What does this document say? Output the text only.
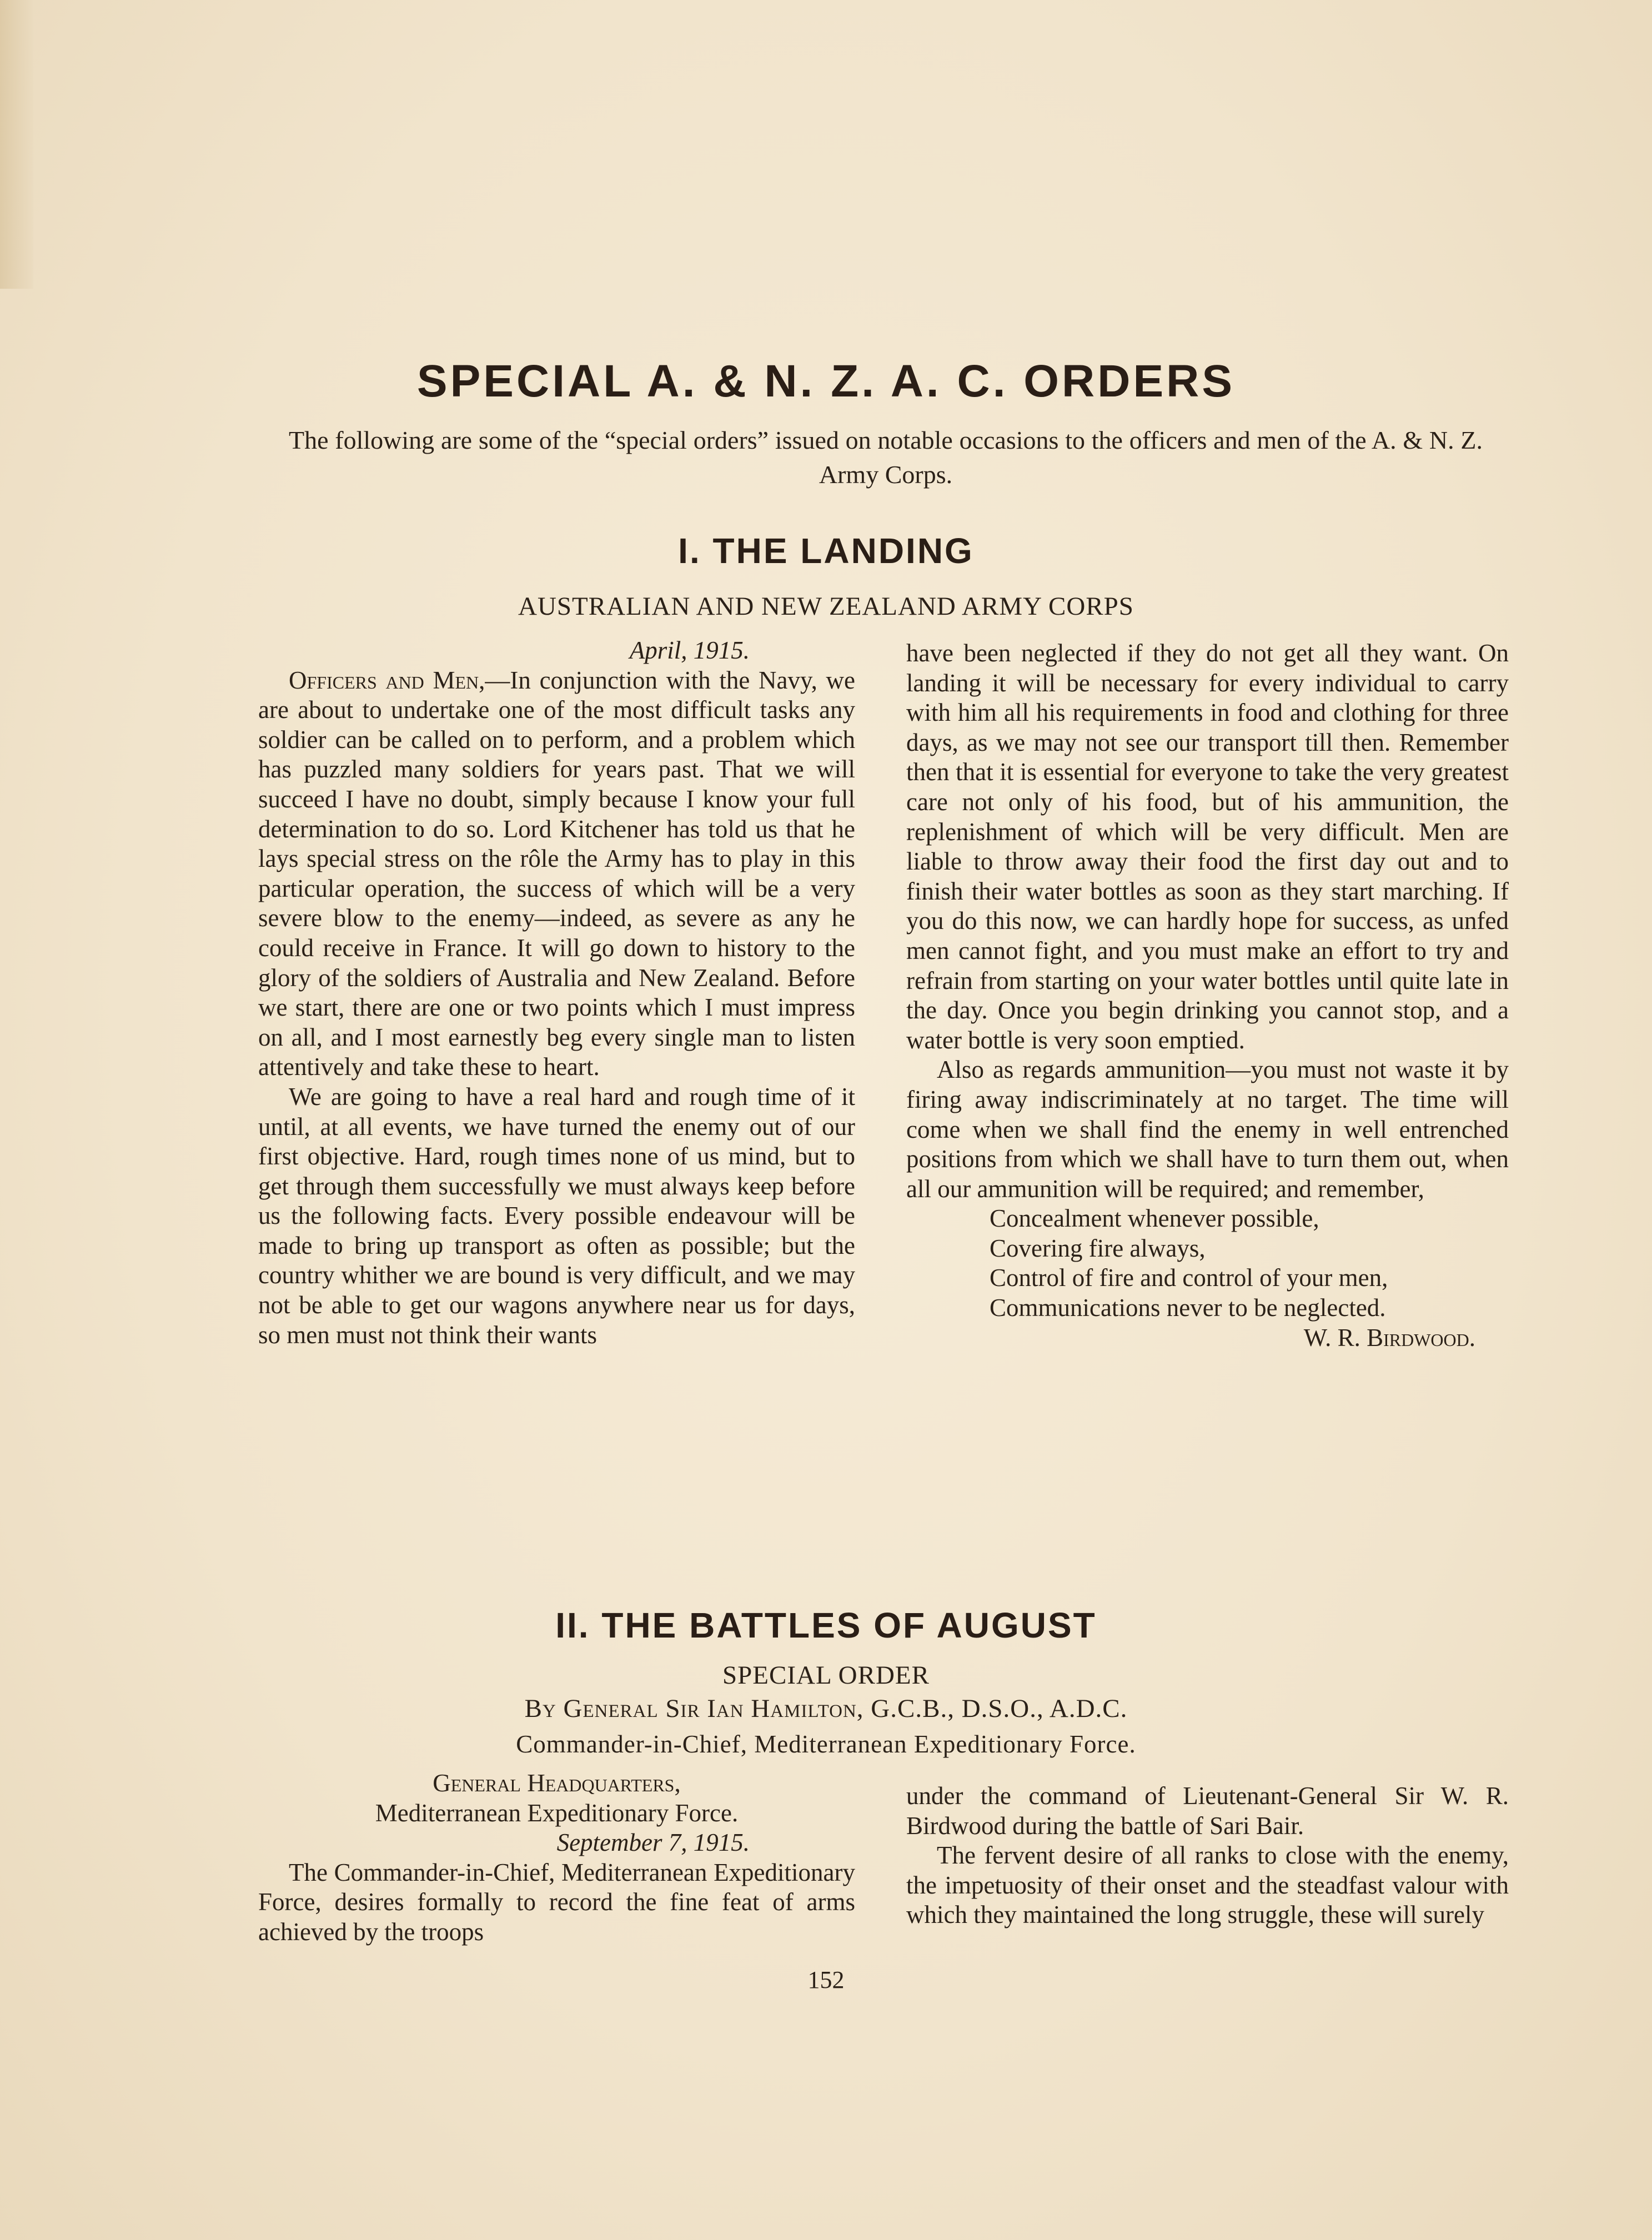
SPECIAL A. & N. Z. A. C. ORDERS
The following are some of the “special orders” issued on notable occasions to the officers and men of the A. & N. Z. Army Corps.
I. THE LANDING
AUSTRALIAN AND NEW ZEALAND ARMY CORPS
April, 1915.

Officers and Men,—In conjunction with the Navy, we are about to undertake one of the most difficult tasks any soldier can be called on to perform, and a problem which has puzzled many soldiers for years past. That we will succeed I have no doubt, simply because I know your full determination to do so. Lord Kitchener has told us that he lays special stress on the rôle the Army has to play in this particular operation, the success of which will be a very severe blow to the enemy—indeed, as severe as any he could receive in France. It will go down to history to the glory of the soldiers of Australia and New Zealand. Before we start, there are one or two points which I must impress on all, and I most earnestly beg every single man to listen attentively and take these to heart.

We are going to have a real hard and rough time of it until, at all events, we have turned the enemy out of our first objective. Hard, rough times none of us mind, but to get through them successfully we must always keep before us the following facts. Every possible endeavour will be made to bring up transport as often as possible; but the country whither we are bound is very difficult, and we may not be able to get our wagons anywhere near us for days, so men must not think their wants

have been neglected if they do not get all they want. On landing it will be necessary for every individual to carry with him all his requirements in food and clothing for three days, as we may not see our transport till then. Remember then that it is essential for everyone to take the very greatest care not only of his food, but of his ammunition, the replenishment of which will be very difficult. Men are liable to throw away their food the first day out and to finish their water bottles as soon as they start marching. If you do this now, we can hardly hope for success, as unfed men cannot fight, and you must make an effort to try and refrain from starting on your water bottles until quite late in the day. Once you begin drinking you cannot stop, and a water bottle is very soon emptied.

Also as regards ammunition—you must not waste it by firing away indiscriminately at no target. The time will come when we shall find the enemy in well entrenched positions from which we shall have to turn them out, when all our ammunition will be required; and remember,

Concealment whenever possible,
Covering fire always,
Control of fire and control of your men,
Communications never to be neglected.
W. R. Birdwood.
II. THE BATTLES OF AUGUST
SPECIAL ORDER
By General Sir Ian Hamilton, G.C.B., D.S.O., A.D.C.
Commander-in-Chief, Mediterranean Expeditionary Force.
General Headquarters,
Mediterranean Expeditionary Force.
September 7, 1915.

The Commander-in-Chief, Mediterranean Expeditionary Force, desires formally to record the fine feat of arms achieved by the troops

under the command of Lieutenant-General Sir W. R. Birdwood during the battle of Sari Bair.

The fervent desire of all ranks to close with the enemy, the impetuosity of their onset and the steadfast valour with which they maintained the long struggle, these will surely

152
